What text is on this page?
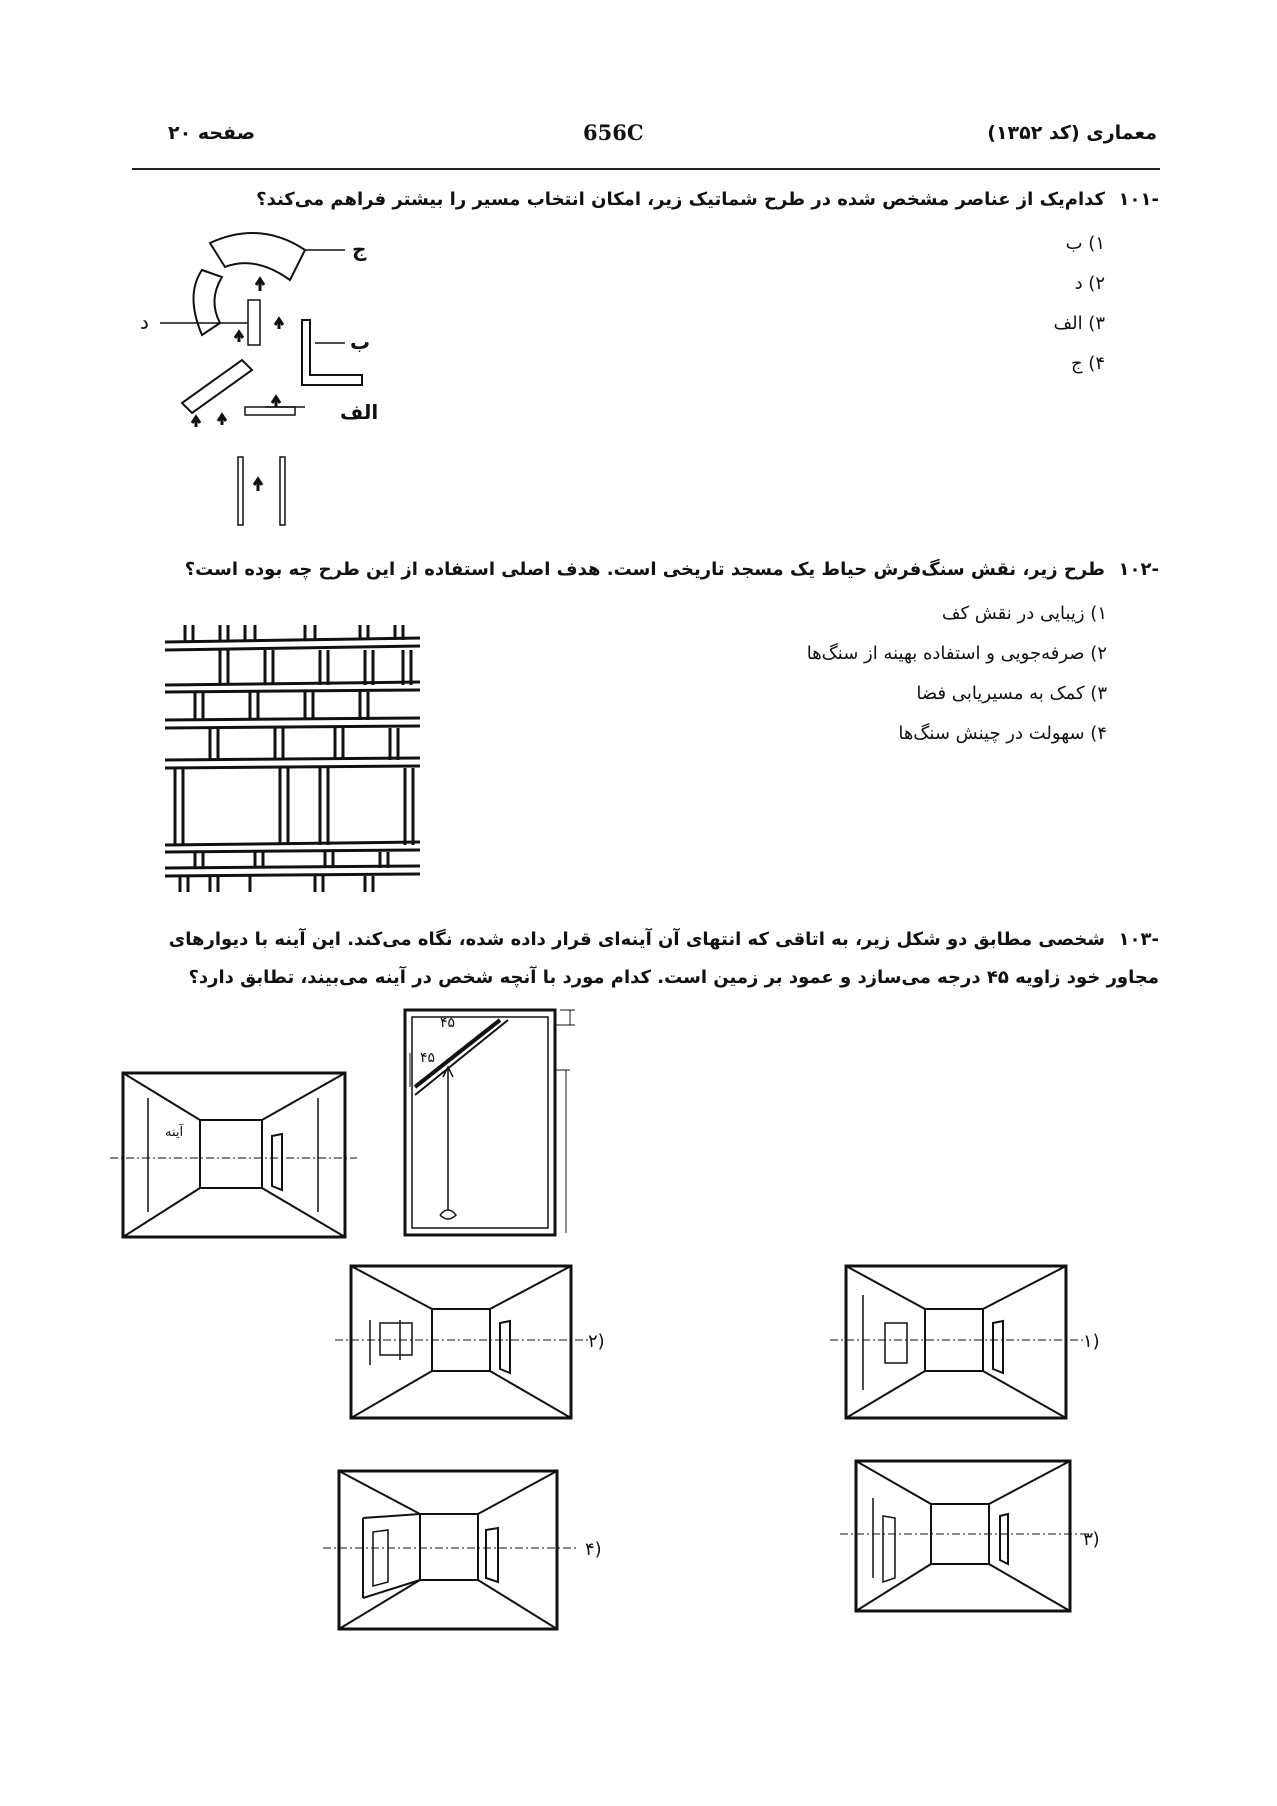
معماری (کد ۱۳۵۲)
656C
صفحه ۲۰
-۱۰۱
کدام‌یک از عناصر مشخص شده در طرح شماتیک زیر، امکان انتخاب مسیر را بیشتر فراهم می‌کند؟
۱) ب
۲) د
۳) الف
۴) ج
ج
د
ب
الف
-۱۰۲
طرح زیر، نقش سنگ‌فرش حیاط یک مسجد تاریخی است. هدف اصلی استفاده از این طرح چه بوده است؟
۱) زیبایی در نقش کف
۲) صرفه‌جویی و استفاده بهینه از سنگ‌ها
۳) کمک به مسیریابی فضا
۴) سهولت در چینش سنگ‌ها
-۱۰۳
شخصی مطابق دو شکل زیر، به اتاقی که انتهای آن آینه‌ای قرار داده شده، نگاه می‌کند. این آینه با دیوارهای
مجاور خود زاویه ۴۵ درجه می‌سازد و عمود بر زمین است. کدام مورد با آنچه شخص در آینه می‌بیند، تطابق دارد؟
آینه
۴۵
۴۵
(۱
(۲
(۳
(۴
